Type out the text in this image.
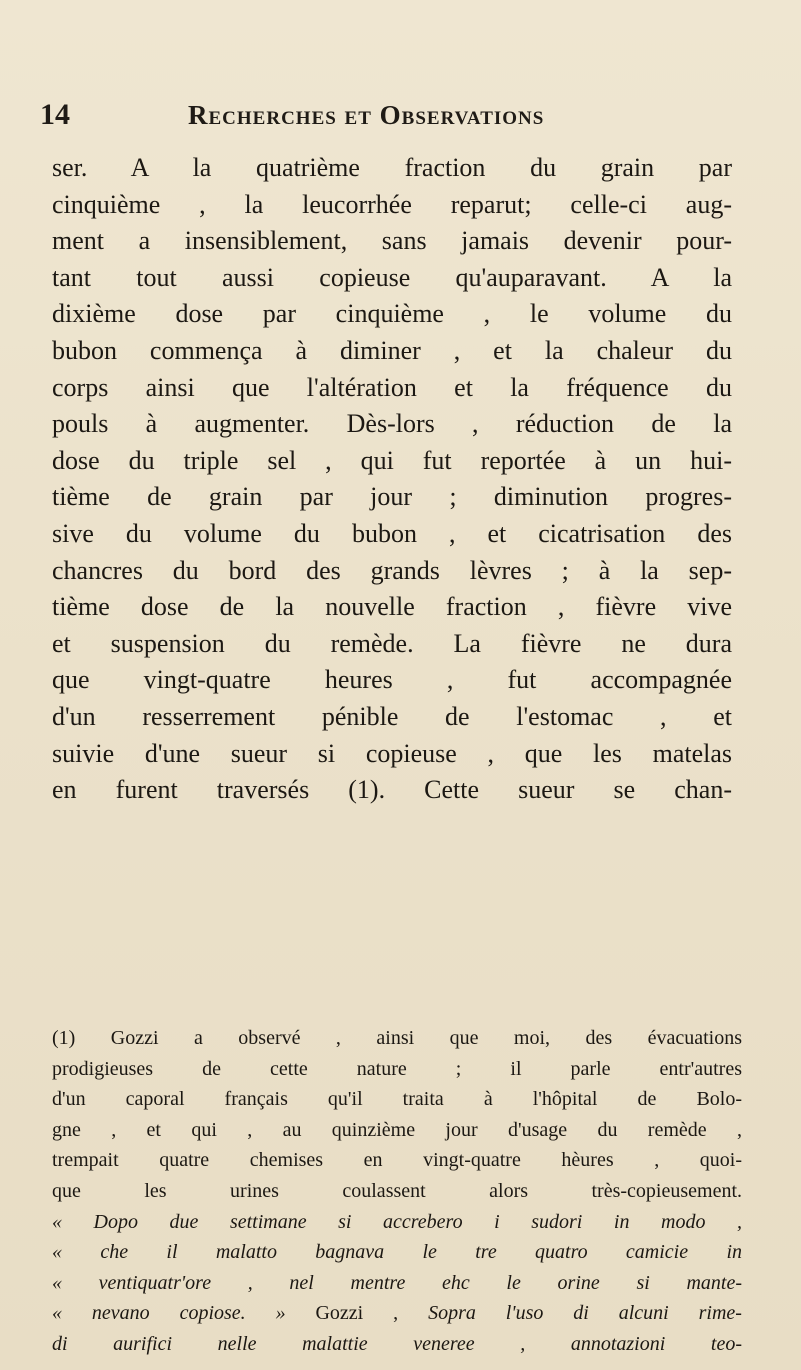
14	Recherches et Observations
ser. A la quatrième fraction du grain par
cinquième , la leucorrhée reparut; celle-ci aug-
ment a insensiblement, sans jamais devenir pour-
tant tout aussi copieuse qu'auparavant. A la
dixième dose par cinquième , le volume du
bubon commença à diminer , et la chaleur du
corps ainsi que l'altération et la fréquence du
pouls à augmenter. Dès-lors , réduction de la
dose du triple sel , qui fut reportée à un hui-
tième de grain par jour ; diminution progres-
sive du volume du bubon , et cicatrisation des
chancres du bord des grands lèvres ; à la sep-
tième dose de la nouvelle fraction , fièvre vive
et suspension du remède. La fièvre ne dura
que vingt-quatre heures , fut accompagnée
d'un resserrement pénible de l'estomac , et
suivie d'une sueur si copieuse , que les matelas
en furent traversés (1). Cette sueur se chan-
(1) Gozzi a observé , ainsi que moi, des évacuations
prodigieuses de cette nature ; il parle entr'autres
d'un caporal français qu'il traita à l'hôpital de Bolo-
gne , et qui , au quinzième jour d'usage du remède ,
trempait quatre chemises en vingt-quatre hèures , quoi-
que les urines coulassent alors très-copieusement.
« Dopo due settimane si accrebero i sudori in modo ,
« che il malatto bagnava le tre quatro camicie in
« ventiquatr'ore , nel mentre ehc le orine si mante-
« nevano copiose. » Gozzi , Sopra l'uso di alcuni rime-
di aurifici nelle malattie veneree , annotazioni teo-
